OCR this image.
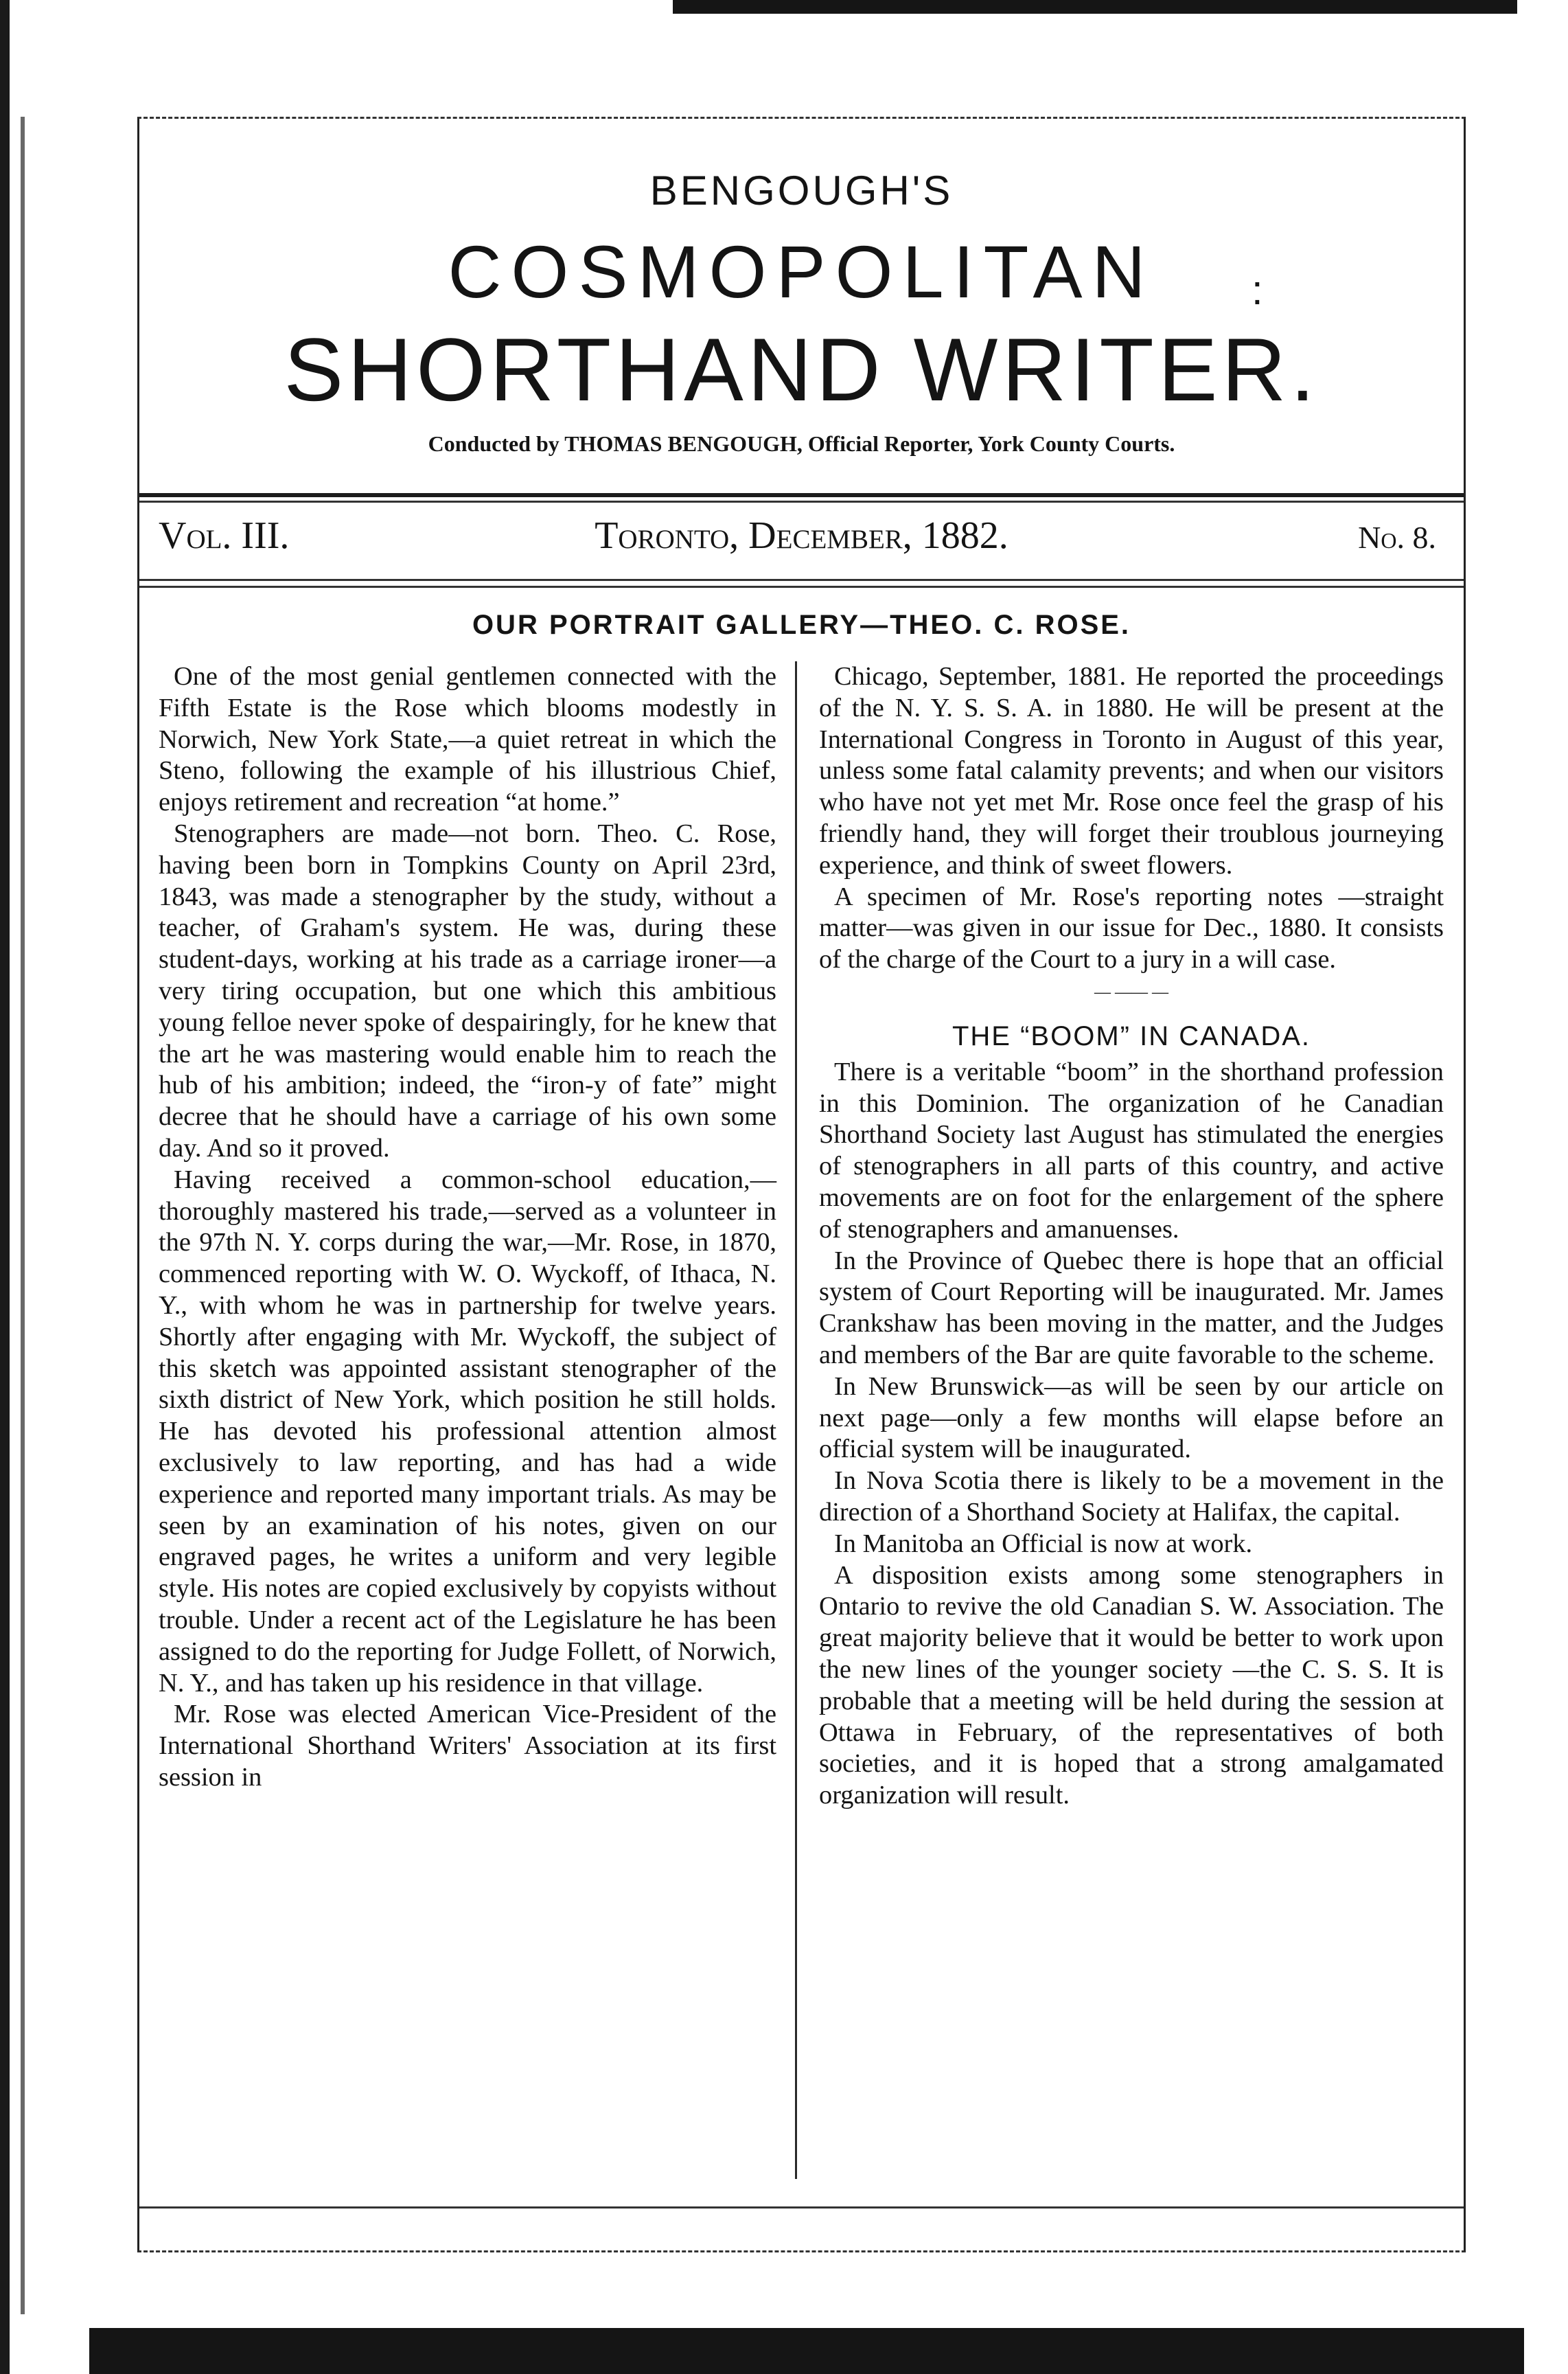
BENGOUGH'S
COSMOPOLITAN	:
SHORTHAND WRITER.
Conducted by THOMAS BENGOUGH, Official Reporter, York County Courts.
Vol. III.	Toronto, December, 1882.	No. 8.
OUR PORTRAIT GALLERY—THEO. C. ROSE.

One of the most genial gentlemen connected with the Fifth Estate is the Rose which blooms modestly in Norwich, New York State,—a quiet retreat in which the Steno, following the example of his illustrious Chief, enjoys retirement and recreation “at home.”

Stenographers are made—not born. Theo. C. Rose, having been born in Tompkins County on April 23rd, 1843, was made a stenographer by the study, without a teacher, of Graham's system. He was, during these student-days, working at his trade as a carriage ironer—a very tiring occupation, but one which this ambitious young felloe never spoke of despairingly, for he knew that the art he was mastering would enable him to reach the hub of his ambition; indeed, the “iron-y of fate” might decree that he should have a carriage of his own some day. And so it proved.

Having received a common-school education,—thoroughly mastered his trade,—served as a volunteer in the 97th N. Y. corps during the war,—Mr. Rose, in 1870, commenced reporting with W. O. Wyckoff, of Ithaca, N. Y., with whom he was in partnership for twelve years. Shortly after engaging with Mr. Wyckoff, the subject of this sketch was appointed assistant stenographer of the sixth district of New York, which position he still holds. He has devoted his professional attention almost exclusively to law reporting, and has had a wide experience and reported many important trials. As may be seen by an examination of his notes, given on our engraved pages, he writes a uniform and very legible style. His notes are copied exclusively by copyists without trouble. Under a recent act of the Legislature he has been assigned to do the reporting for Judge Follett, of Norwich, N. Y., and has taken up his residence in that village.

Mr. Rose was elected American Vice-President of the International Shorthand Writers' Association at its first session in

Chicago, September, 1881. He reported the proceedings of the N. Y. S. S. A. in 1880. He will be present at the International Congress in Toronto in August of this year, unless some fatal calamity prevents; and when our visitors who have not yet met Mr. Rose once feel the grasp of his friendly hand, they will forget their troublous journeying experience, and think of sweet flowers.

A specimen of Mr. Rose's reporting notes —straight matter—was given in our issue for Dec., 1880. It consists of the charge of the Court to a jury in a will case.

— —— —
THE “BOOM” IN CANADA.

There is a veritable “boom” in the shorthand profession in this Dominion. The organization of he Canadian Shorthand Society last August has stimulated the energies of stenographers in all parts of this country, and active movements are on foot for the enlargement of the sphere of stenographers and amanuenses.

In the Province of Quebec there is hope that an official system of Court Reporting will be inaugurated. Mr. James Crankshaw has been moving in the matter, and the Judges and members of the Bar are quite favorable to the scheme.

In New Brunswick—as will be seen by our article on next page—only a few months will elapse before an official system will be inaugurated.

In Nova Scotia there is likely to be a movement in the direction of a Shorthand Society at Halifax, the capital.

In Manitoba an Official is now at work.

A disposition exists among some stenographers in Ontario to revive the old Canadian S. W. Association. The great majority believe that it would be better to work upon the new lines of the younger society —the C. S. S. It is probable that a meeting will be held during the session at Ottawa in February, of the representatives of both societies, and it is hoped that a strong amalgamated organization will result.
